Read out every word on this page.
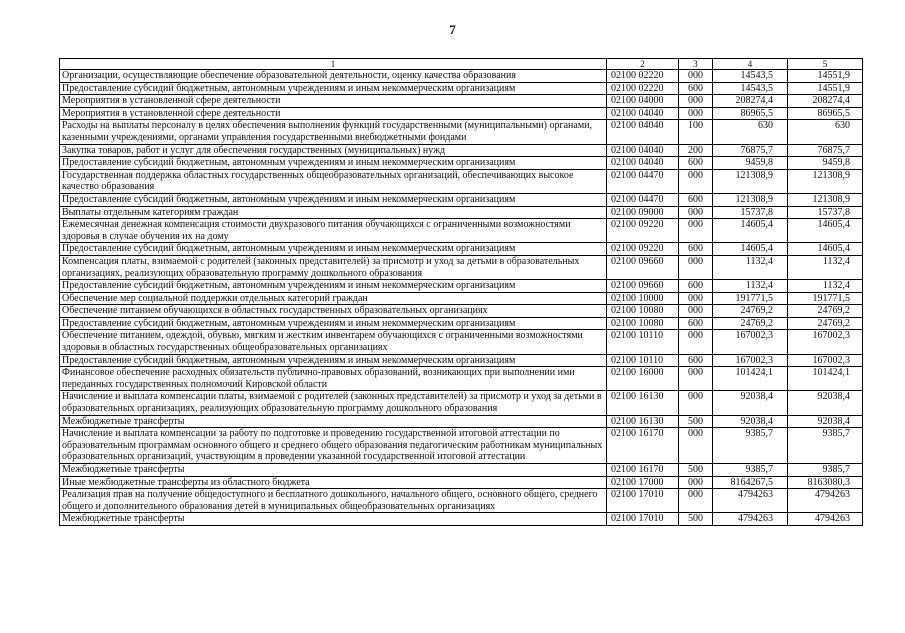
7
1	2	3	4	5
Организации, осуществляющие обеспечение образовательной деятельности, оценку качества образования	02100 02220	000	14543,5	14551,9
Предоставление субсидий бюджетным, автономным учреждениям и иным некоммерческим организациям	02100 02220	600	14543,5	14551,9
Мероприятия в установленной сфере деятельности	02100 04000	000	208274,4	208274,4
Мероприятия в установленной сфере деятельности	02100 04040	000	86965,5	86965,5
Расходы на выплаты персоналу в целях обеспечения выполнения функций государственными (муниципальными) органами, казенными учреждениями, органами управления государственными внебюджетными фондами	02100 04040	100	630	630
Закупка товаров, работ и услуг для обеспечения государственных (муниципальных) нужд	02100 04040	200	76875,7	76875,7
Предоставление субсидий бюджетным, автономным учреждениям и иным некоммерческим организациям	02100 04040	600	9459,8	9459,8
Государственная поддержка областных государственных общеобразовательных организаций, обеспечивающих высокое качество образования	02100 04470	000	121308,9	121308,9
Предоставление субсидий бюджетным, автономным учреждениям и иным некоммерческим организациям	02100 04470	600	121308,9	121308,9
Выплаты отдельным категориям граждан	02100 09000	000	15737,8	15737,8
Ежемесячная денежная компенсация стоимости двухразового питания обучающихся с ограниченными возможностями здоровья в случае обучения их на дому	02100 09220	000	14605,4	14605,4
Предоставление субсидий бюджетным, автономным учреждениям и иным некоммерческим организациям	02100 09220	600	14605,4	14605,4
Компенсация платы, взимаемой с родителей (законных представителей) за присмотр и уход за детьми в образовательных организациях, реализующих образовательную программу дошкольного образования	02100 09660	000	1132,4	1132,4
Предоставление субсидий бюджетным, автономным учреждениям и иным некоммерческим организациям	02100 09660	600	1132,4	1132,4
Обеспечение мер социальной поддержки отдельных категорий граждан	02100 10000	000	191771,5	191771,5
Обеспечение питанием обучающихся в областных государственных образовательных организациях	02100 10080	000	24769,2	24769,2
Предоставление субсидий бюджетным, автономным учреждениям и иным некоммерческим организациям	02100 10080	600	24769,2	24769,2
Обеспечение питанием, одеждой, обувью, мягким и жестким инвентарем обучающихся с ограниченными возможностями здоровья в областных государственных общеобразовательных организациях	02100 10110	000	167002,3	167002,3
Предоставление субсидий бюджетным, автономным учреждениям и иным некоммерческим организациям	02100 10110	600	167002,3	167002,3
Финансовое обеспечение расходных обязательств публично-правовых образований, возникающих при выполнении ими переданных государственных полномочий Кировской области	02100 16000	000	101424,1	101424,1
Начисление и выплата компенсации платы, взимаемой с родителей (законных представителей) за присмотр и уход за детьми в образовательных организациях, реализующих образовательную программу дошкольного образования	02100 16130	000	92038,4	92038,4
Межбюджетные трансферты	02100 16130	500	92038,4	92038,4
Начисление и выплата компенсации за работу по подготовке и проведению государственной итоговой аттестации по образовательным программам основного общего и среднего общего образования педагогическим работникам муниципальных образовательных организаций, участвующим в проведении указанной государственной итоговой аттестации	02100 16170	000	9385,7	9385,7
Межбюджетные трансферты	02100 16170	500	9385,7	9385,7
Иные межбюджетные трансферты из областного бюджета	02100 17000	000	8164267,5	8163080,3
Реализация прав на получение общедоступного и бесплатного дошкольного, начального общего, основного общего, среднего общего и дополнительного образования детей в муниципальных общеобразовательных организациях	02100 17010	000	4794263	4794263
Межбюджетные трансферты	02100 17010	500	4794263	4794263
